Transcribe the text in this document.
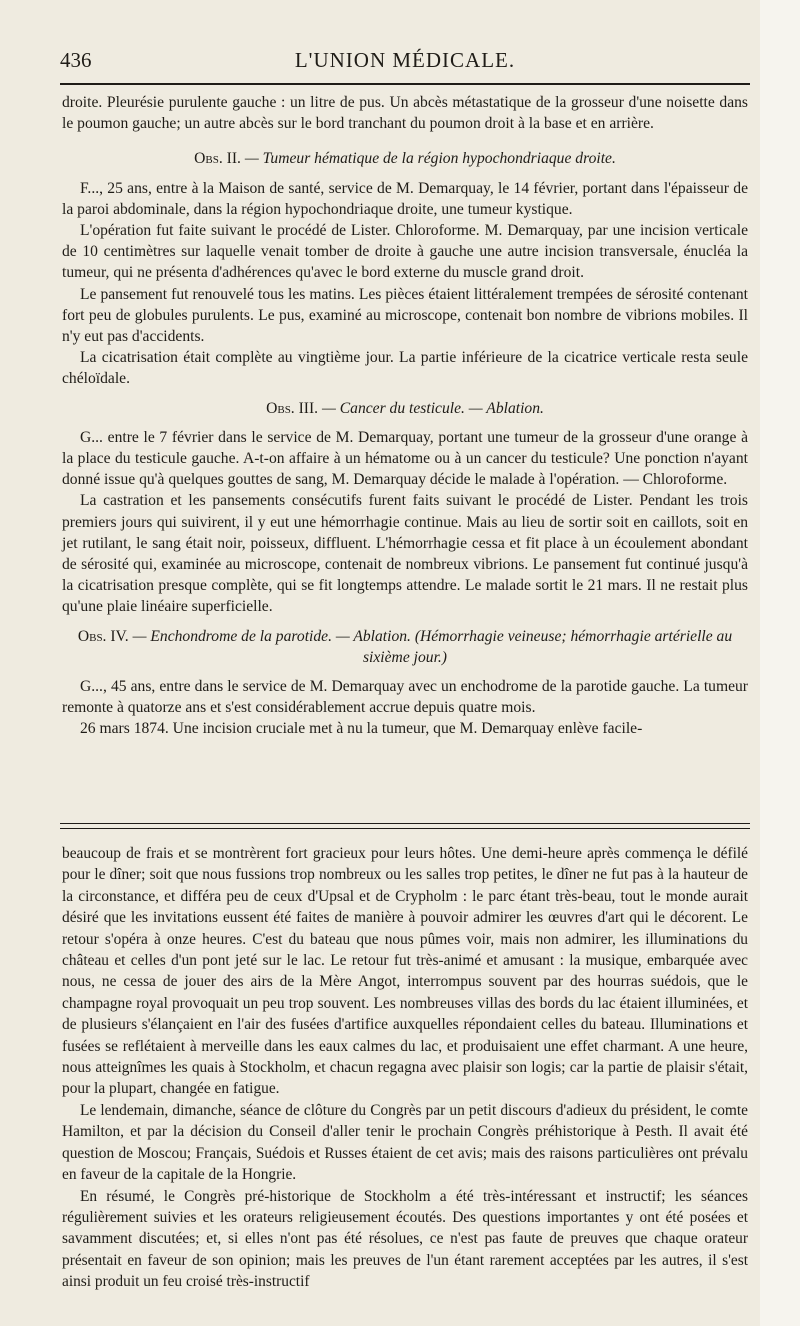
L'UNION MÉDICALE.
436

droite. Pleurésie purulente gauche : un litre de pus. Un abcès métastatique de la grosseur d'une noisette dans le poumon gauche; un autre abcès sur le bord tranchant du poumon droit à la base et en arrière.

Obs. II. — Tumeur hématique de la région hypochondriaque droite.

F..., 25 ans, entre à la Maison de santé, service de M. Demarquay, le 14 février, portant dans l'épaisseur de la paroi abdominale, dans la région hypochondriaque droite, une tumeur kystique.

L'opération fut faite suivant le procédé de Lister. Chloroforme. M. Demarquay, par une incision verticale de 10 centimètres sur laquelle venait tomber de droite à gauche une autre incision transversale, énucléa la tumeur, qui ne présenta d'adhérences qu'avec le bord externe du muscle grand droit.

Le pansement fut renouvelé tous les matins. Les pièces étaient littéralement trempées de sérosité contenant fort peu de globules purulents. Le pus, examiné au microscope, contenait bon nombre de vibrions mobiles. Il n'y eut pas d'accidents.

La cicatrisation était complète au vingtième jour. La partie inférieure de la cicatrice verticale resta seule chéloïdale.

Obs. III. — Cancer du testicule. — Ablation.

G... entre le 7 février dans le service de M. Demarquay, portant une tumeur de la grosseur d'une orange à la place du testicule gauche. A-t-on affaire à un hématome ou à un cancer du testicule? Une ponction n'ayant donné issue qu'à quelques gouttes de sang, M. Demarquay décide le malade à l'opération. — Chloroforme.

La castration et les pansements consécutifs furent faits suivant le procédé de Lister. Pendant les trois premiers jours qui suivirent, il y eut une hémorrhagie continue. Mais au lieu de sortir soit en caillots, soit en jet rutilant, le sang était noir, poisseux, diffluent. L'hémorrhagie cessa et fit place à un écoulement abondant de sérosité qui, examinée au microscope, contenait de nombreux vibrions. Le pansement fut continué jusqu'à la cicatrisation presque complète, qui se fit longtemps attendre. Le malade sortit le 21 mars. Il ne restait plus qu'une plaie linéaire superficielle.

Obs. IV. — Enchondrome de la parotide. — Ablation. (Hémorrhagie veineuse; hémorrhagie artérielle au sixième jour.)

G..., 45 ans, entre dans le service de M. Demarquay avec un enchodrome de la parotide gauche. La tumeur remonte à quatorze ans et s'est considérablement accrue depuis quatre mois.

26 mars 1874. Une incision cruciale met à nu la tumeur, que M. Demarquay enlève facile-

beaucoup de frais et se montrèrent fort gracieux pour leurs hôtes. Une demi-heure après commença le défilé pour le dîner; soit que nous fussions trop nombreux ou les salles trop petites, le dîner ne fut pas à la hauteur de la circonstance, et différa peu de ceux d'Upsal et de Crypholm : le parc étant très-beau, tout le monde aurait désiré que les invitations eussent été faites de manière à pouvoir admirer les œuvres d'art qui le décorent. Le retour s'opéra à onze heures. C'est du bateau que nous pûmes voir, mais non admirer, les illuminations du château et celles d'un pont jeté sur le lac. Le retour fut très-animé et amusant : la musique, embarquée avec nous, ne cessa de jouer des airs de la Mère Angot, interrompus souvent par des hourras suédois, que le champagne royal provoquait un peu trop souvent. Les nombreuses villas des bords du lac étaient illuminées, et de plusieurs s'élançaient en l'air des fusées d'artifice auxquelles répondaient celles du bateau. Illuminations et fusées se reflétaient à merveille dans les eaux calmes du lac, et produisaient une effet charmant. A une heure, nous atteignîmes les quais à Stockholm, et chacun regagna avec plaisir son logis; car la partie de plaisir s'était, pour la plupart, changée en fatigue.

Le lendemain, dimanche, séance de clôture du Congrès par un petit discours d'adieux du président, le comte Hamilton, et par la décision du Conseil d'aller tenir le prochain Congrès préhistorique à Pesth. Il avait été question de Moscou; Français, Suédois et Russes étaient de cet avis; mais des raisons particulières ont prévalu en faveur de la capitale de la Hongrie.

En résumé, le Congrès pré-historique de Stockholm a été très-intéressant et instructif; les séances régulièrement suivies et les orateurs religieusement écoutés. Des questions importantes y ont été posées et savamment discutées; et, si elles n'ont pas été résolues, ce n'est pas faute de preuves que chaque orateur présentait en faveur de son opinion; mais les preuves de l'un étant rarement acceptées par les autres, il s'est ainsi produit un feu croisé très-instructif
